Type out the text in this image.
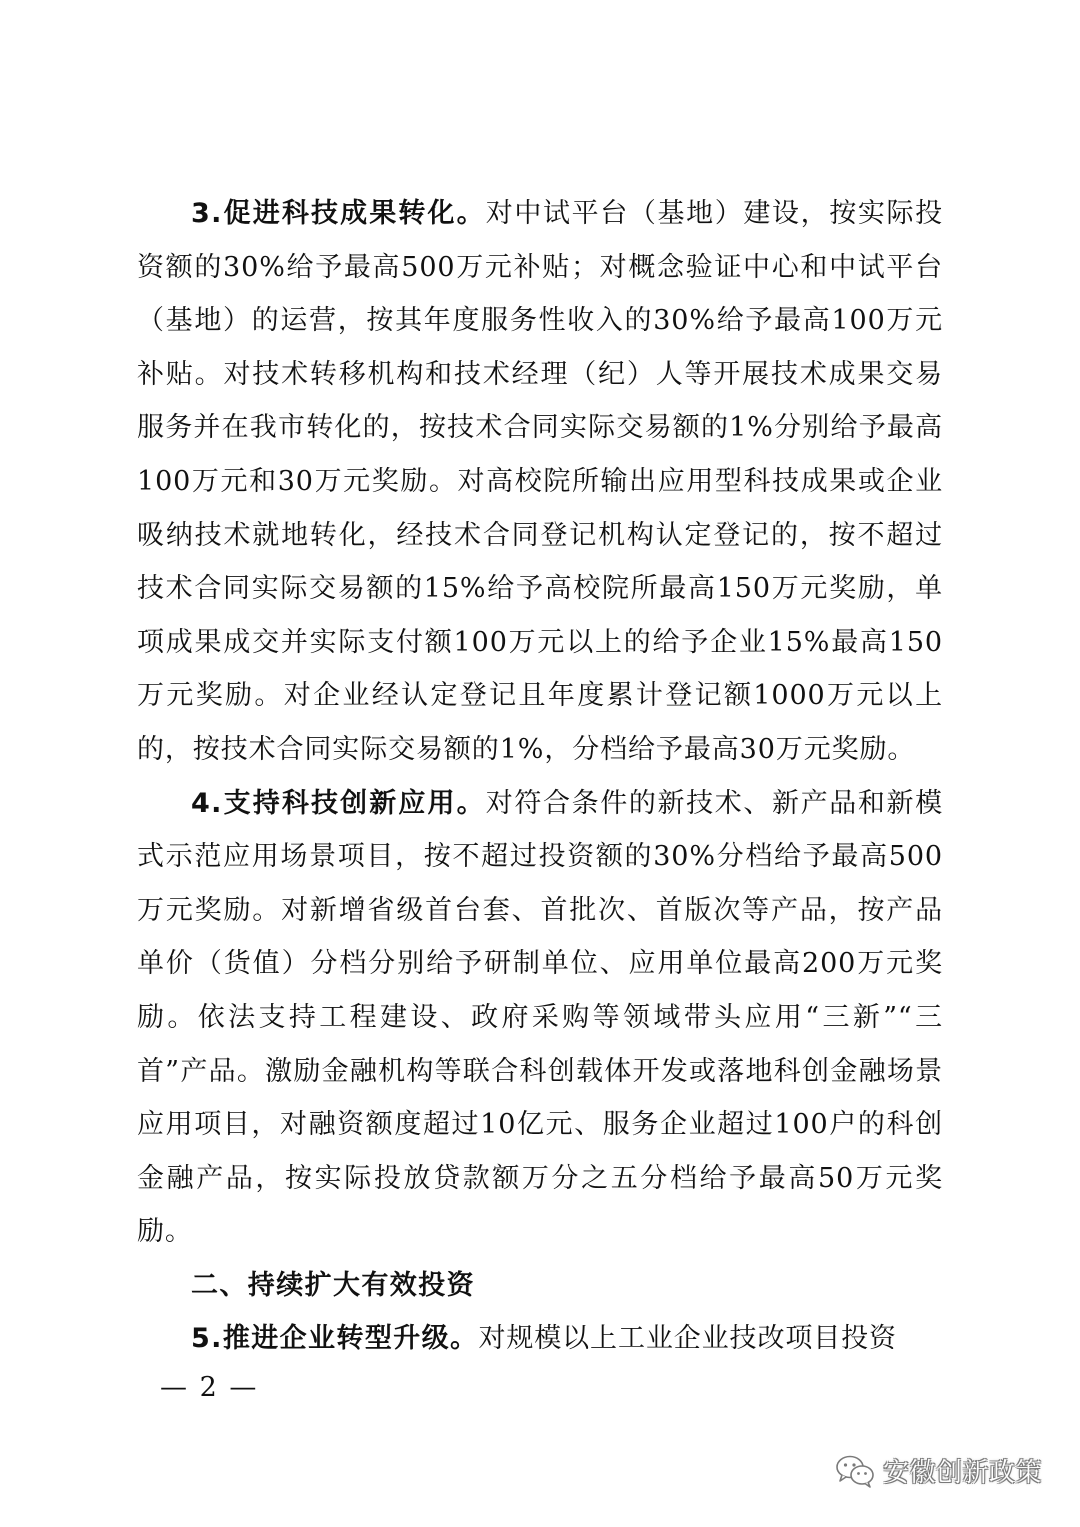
3.促进科技成果转化。对中试平台（基地）建设，按实际投资额的30%给予最高500万元补贴；对概念验证中心和中试平台（基地）的运营，按其年度服务性收入的30%给予最高100万元补贴。对技术转移机构和技术经理（纪）人等开展技术成果交易服务并在我市转化的，按技术合同实际交易额的1%分别给予最高100万元和30万元奖励。对高校院所输出应用型科技成果或企业吸纳技术就地转化，经技术合同登记机构认定登记的，按不超过技术合同实际交易额的15%给予高校院所最高150万元奖励，单项成果成交并实际支付额100万元以上的给予企业15%最高150万元奖励。对企业经认定登记且年度累计登记额1000万元以上的，按技术合同实际交易额的1%，分档给予最高30万元奖励。

4.支持科技创新应用。对符合条件的新技术、新产品和新模式示范应用场景项目，按不超过投资额的30%分档给予最高500万元奖励。对新增省级首台套、首批次、首版次等产品，按产品单价（货值）分档分别给予研制单位、应用单位最高200万元奖励。依法支持工程建设、政府采购等领域带头应用“三新”“三首”产品。激励金融机构等联合科创载体开发或落地科创金融场景应用项目，对融资额度超过10亿元、服务企业超过100户的科创金融产品，按实际投放贷款额万分之五分档给予最高50万元奖励。

二、持续扩大有效投资

5.推进企业转型升级。对规模以上工业企业技改项目投资

— 2 —
安徽创新政策
